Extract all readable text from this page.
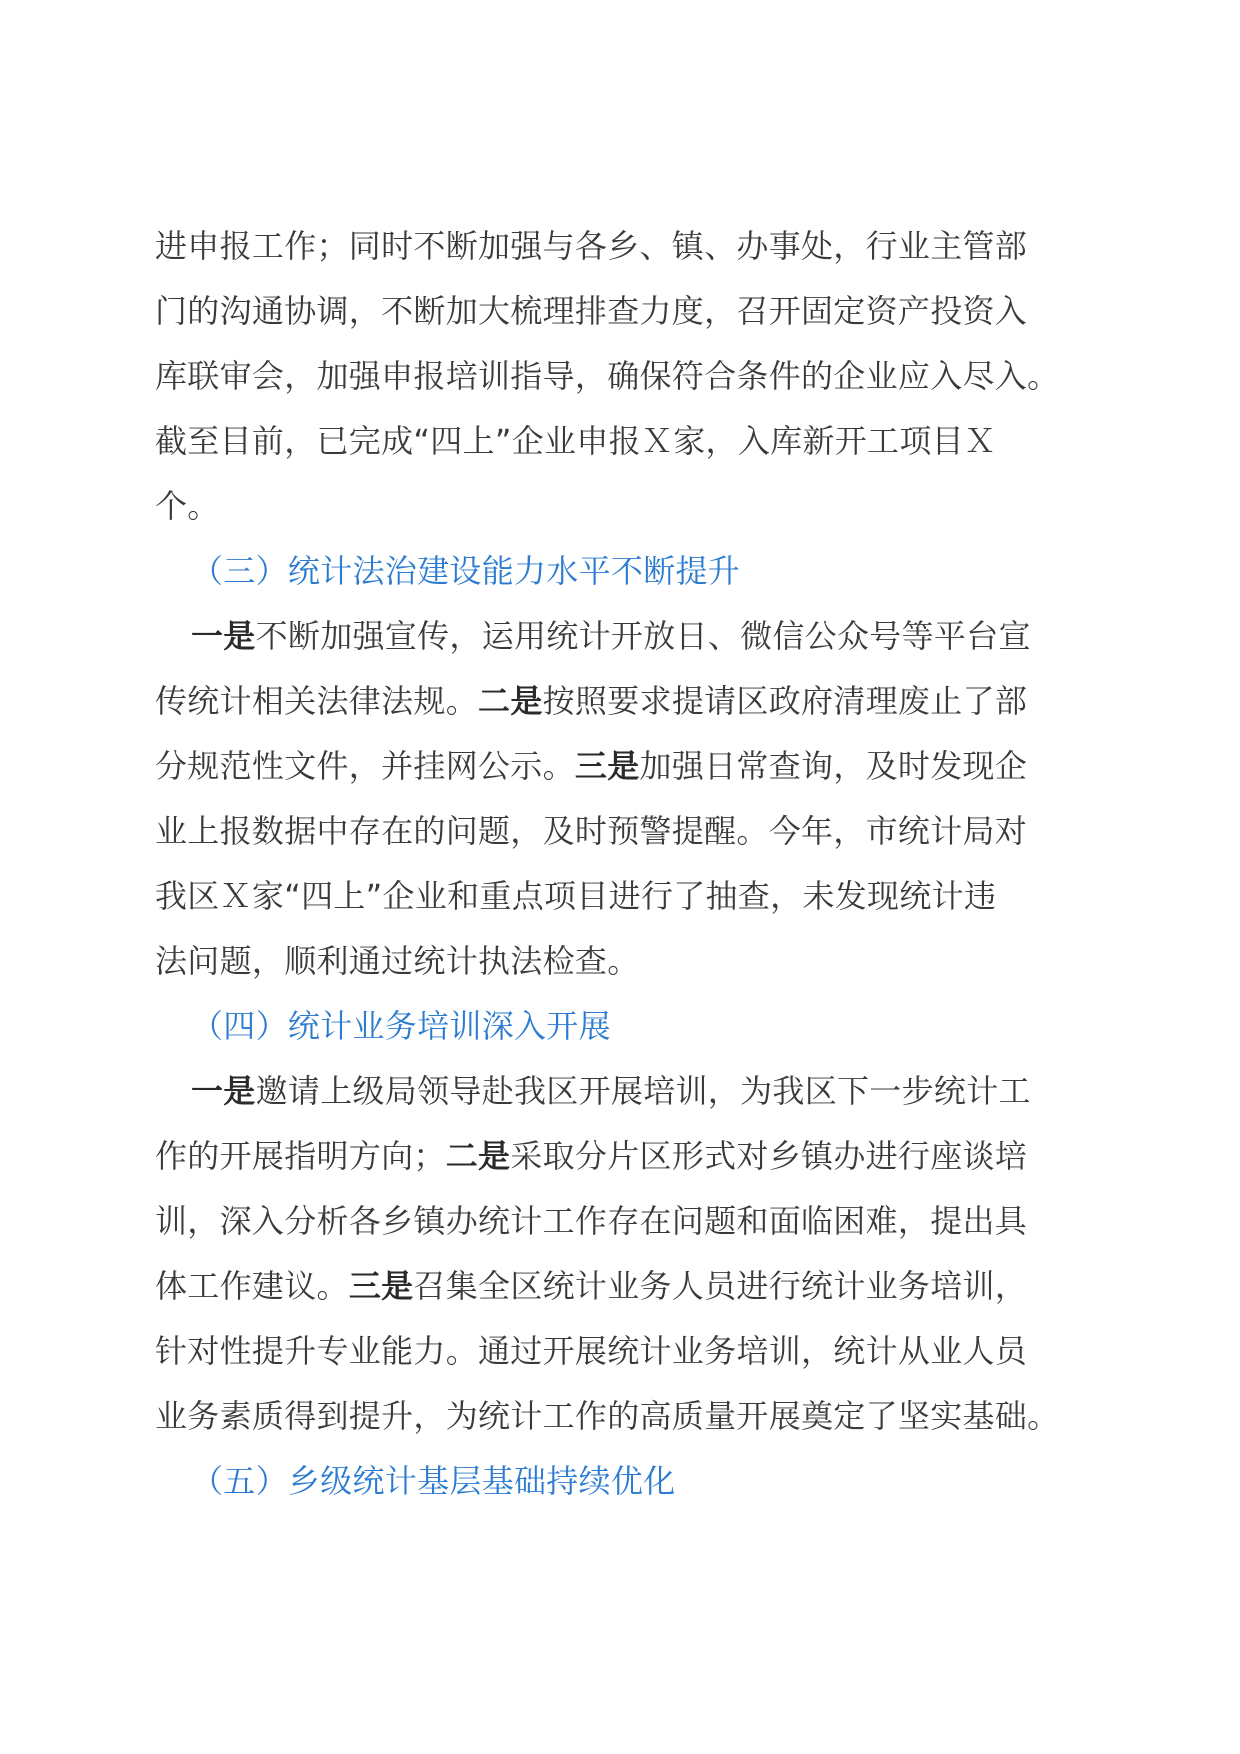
进申报工作；同时不断加强与各乡、镇、办事处，行业主管部
门的沟通协调，不断加大梳理排查力度，召开固定资产投资入
库联审会，加强申报培训指导，确保符合条件的企业应入尽入。
截至目前，已完成“四上”企业申报Ｘ家，入库新开工项目Ｘ
个。
（三）统计法治建设能力水平不断提升
一是不断加强宣传，运用统计开放日、微信公众号等平台宣
传统计相关法律法规。二是按照要求提请区政府清理废止了部
分规范性文件，并挂网公示。三是加强日常查询，及时发现企
业上报数据中存在的问题，及时预警提醒。今年，市统计局对
我区Ｘ家“四上”企业和重点项目进行了抽查，未发现统计违
法问题，顺利通过统计执法检查。
（四）统计业务培训深入开展
一是邀请上级局领导赴我区开展培训，为我区下一步统计工
作的开展指明方向；二是采取分片区形式对乡镇办进行座谈培
训，深入分析各乡镇办统计工作存在问题和面临困难，提出具
体工作建议。三是召集全区统计业务人员进行统计业务培训，
针对性提升专业能力。通过开展统计业务培训，统计从业人员
业务素质得到提升，为统计工作的高质量开展奠定了坚实基础。
（五）乡级统计基层基础持续优化
